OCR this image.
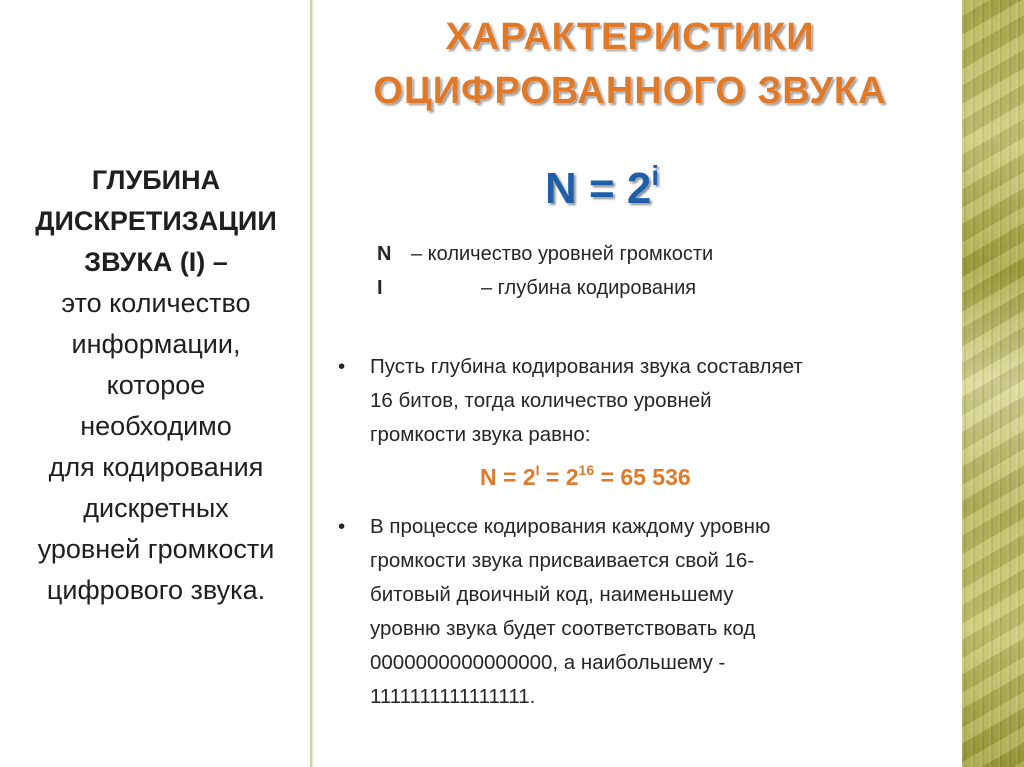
ГЛУБИНА
ДИСКРЕТИЗАЦИИ
ЗВУКА (I) –
это количество
информации,
которое
необходимо
для кодирования
дискретных
уровней громкости
цифрового звука.
ХАРАКТЕРИСТИКИ
ОЦИФРОВАННОГО ЗВУКА
$N = 2^i$
N – количество уровней громкости
I	– глубина кодирования
• Пусть глубина кодирования звука составляет
16 битов, тогда количество уровней
громкости звука равно:
$N = 2^I = 2^{16} = 65$ 536
• В процессе кодирования каждому уровню
громкости звука присваивается свой 16-
битовый двоичный код, наименьшему
уровню звука будет соответствовать код
0000000000000000, а наибольшему -
1111111111111111.
